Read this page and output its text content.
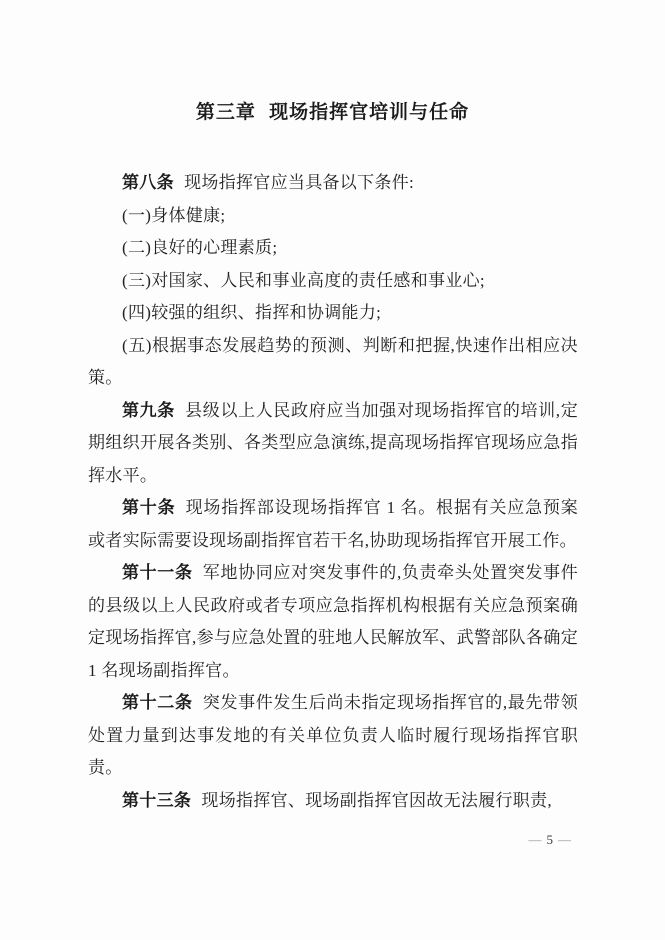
第三章 现场指挥官培训与任命

第八条 现场指挥官应当具备以下条件:

(一)身体健康;

(二)良好的心理素质;

(三)对国家、人民和事业高度的责任感和事业心;

(四)较强的组织、指挥和协调能力;

(五)根据事态发展趋势的预测、判断和把握,快速作出相应决策。

第九条 县级以上人民政府应当加强对现场指挥官的培训,定期组织开展各类别、各类型应急演练,提高现场指挥官现场应急指挥水平。

第十条 现场指挥部设现场指挥官 1 名。根据有关应急预案或者实际需要设现场副指挥官若干名,协助现场指挥官开展工作。

第十一条 军地协同应对突发事件的,负责牵头处置突发事件的县级以上人民政府或者专项应急指挥机构根据有关应急预案确定现场指挥官,参与应急处置的驻地人民解放军、武警部队各确定 1 名现场副指挥官。

第十二条 突发事件发生后尚未指定现场指挥官的,最先带领处置力量到达事发地的有关单位负责人临时履行现场指挥官职责。

第十三条 现场指挥官、现场副指挥官因故无法履行职责,

— 5 —
